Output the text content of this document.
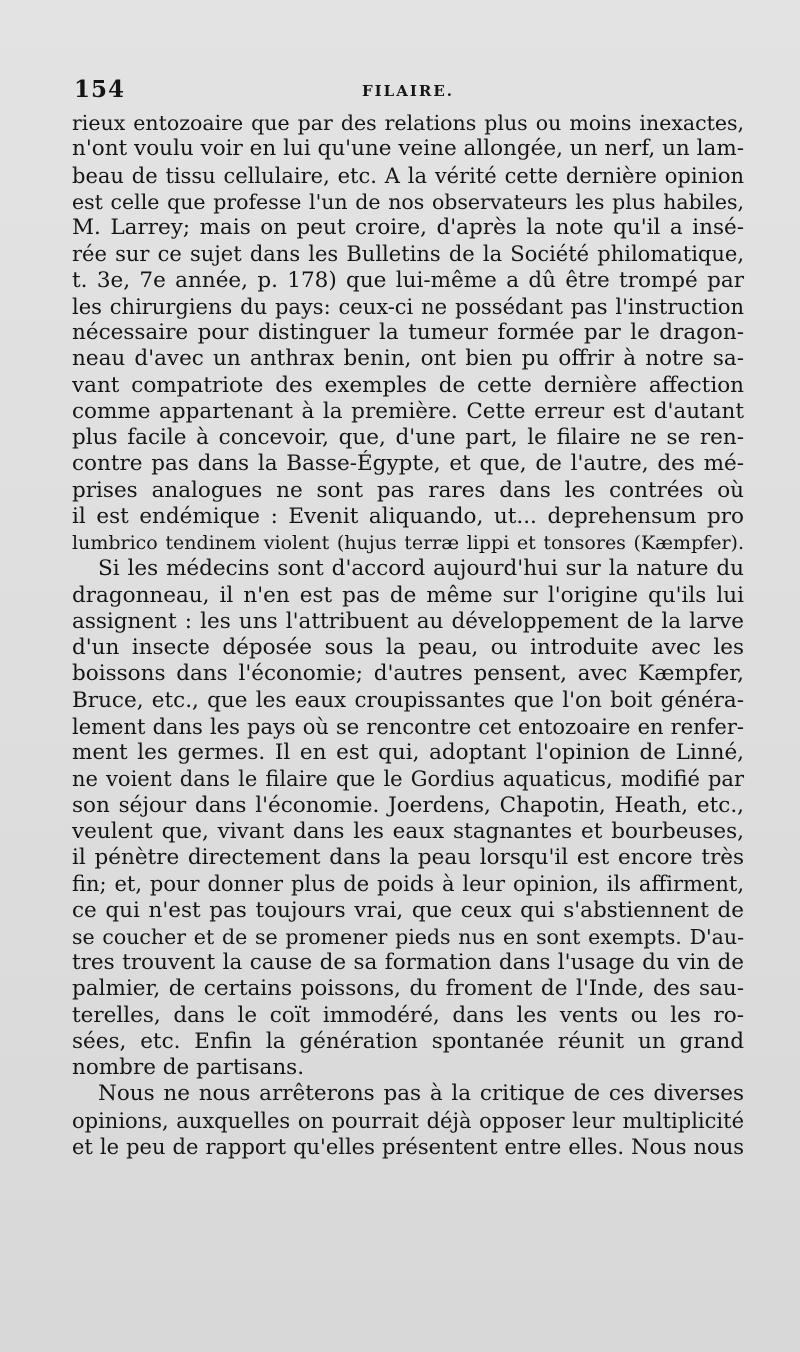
154	FILAIRE.
rieux entozoaire que par des relations plus ou moins inexactes,
n'ont voulu voir en lui qu'une veine allongée, un nerf, un lam-
beau de tissu cellulaire, etc. A la vérité cette dernière opinion
est celle que professe l'un de nos observateurs les plus habiles,
M. Larrey; mais on peut croire, d'après la note qu'il a insé-
rée sur ce sujet dans les Bulletins de la Société philomatique,
t. 3e, 7e année, p. 178) que lui-même a dû être trompé par
les chirurgiens du pays: ceux-ci ne possédant pas l'instruction
nécessaire pour distinguer la tumeur formée par le dragon-
neau d'avec un anthrax benin, ont bien pu offrir à notre sa-
vant compatriote des exemples de cette dernière affection
comme appartenant à la première. Cette erreur est d'autant
plus facile à concevoir, que, d'une part, le filaire ne se ren-
contre pas dans la Basse-Égypte, et que, de l'autre, des mé-
prises analogues ne sont pas rares dans les contrées où
il est endémique : Evenit aliquando, ut... deprehensum pro
lumbrico tendinem violent (hujus terræ lippi et tonsores (Kæmpfer).
Si les médecins sont d'accord aujourd'hui sur la nature du
dragonneau, il n'en est pas de même sur l'origine qu'ils lui
assignent : les uns l'attribuent au développement de la larve
d'un insecte déposée sous la peau, ou introduite avec les
boissons dans l'économie; d'autres pensent, avec Kæmpfer,
Bruce, etc., que les eaux croupissantes que l'on boit généra-
lement dans les pays où se rencontre cet entozoaire en renfer-
ment les germes. Il en est qui, adoptant l'opinion de Linné,
ne voient dans le filaire que le Gordius aquaticus, modifié par
son séjour dans l'économie. Joerdens, Chapotin, Heath, etc.,
veulent que, vivant dans les eaux stagnantes et bourbeuses,
il pénètre directement dans la peau lorsqu'il est encore très
fin; et, pour donner plus de poids à leur opinion, ils affirment,
ce qui n'est pas toujours vrai, que ceux qui s'abstiennent de
se coucher et de se promener pieds nus en sont exempts. D'au-
tres trouvent la cause de sa formation dans l'usage du vin de
palmier, de certains poissons, du froment de l'Inde, des sau-
terelles, dans le coït immodéré, dans les vents ou les ro-
sées, etc. Enfin la génération spontanée réunit un grand
nombre de partisans.
Nous ne nous arrêterons pas à la critique de ces diverses
opinions, auxquelles on pourrait déjà opposer leur multiplicité
et le peu de rapport qu'elles présentent entre elles. Nous nous
